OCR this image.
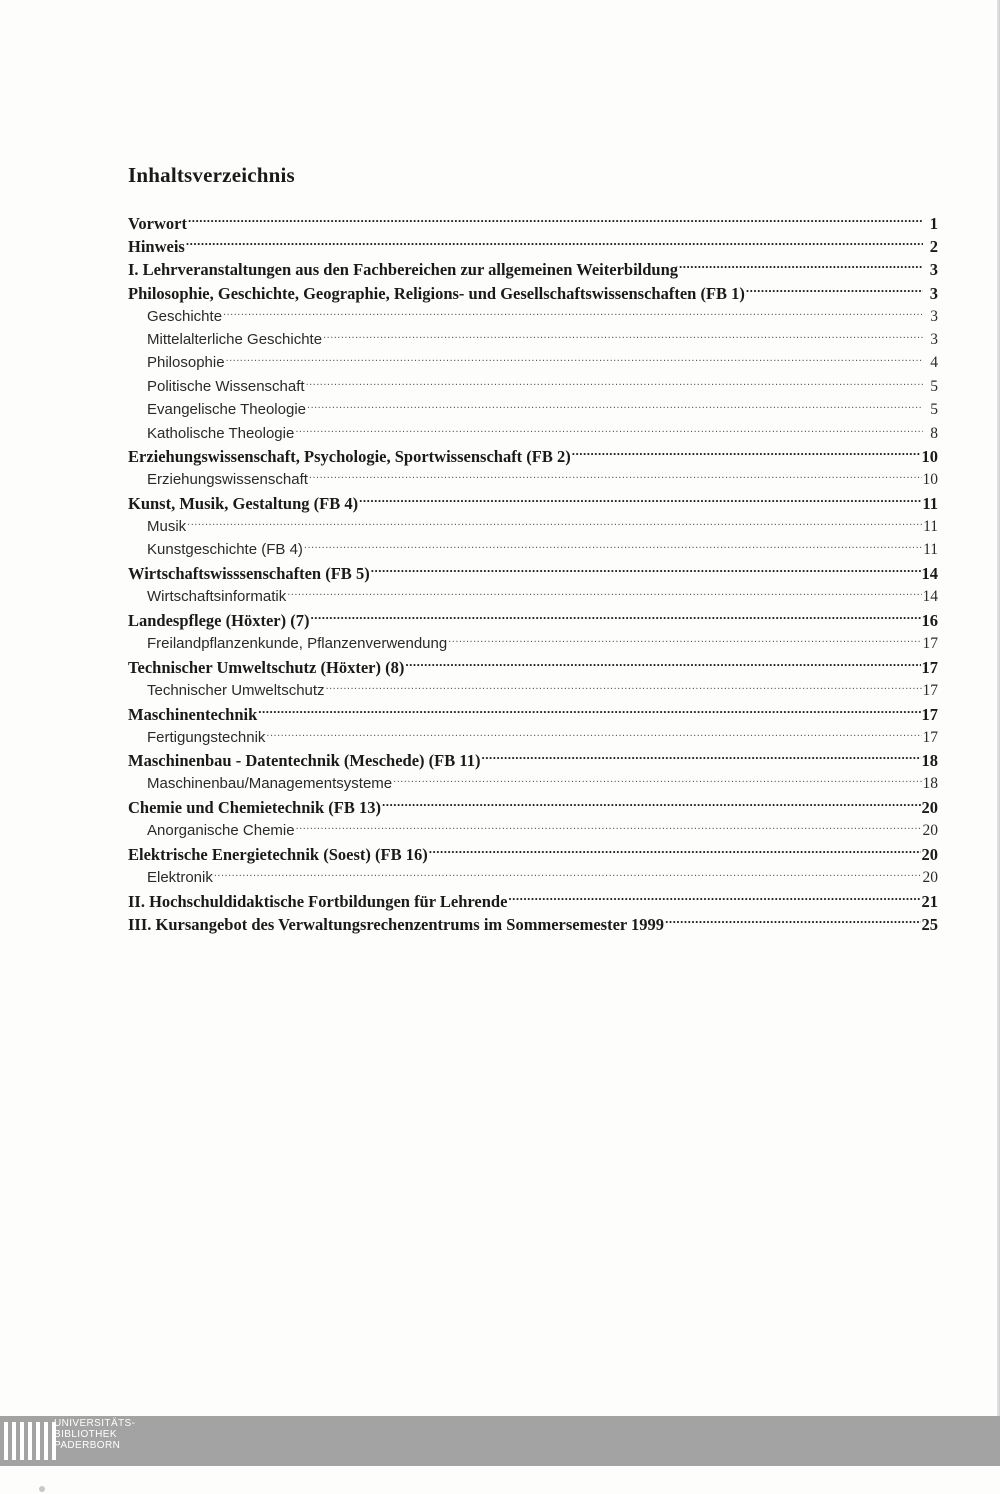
Inhaltsverzeichnis
Vorwort .....	1
Hinweis .....	2
I. Lehrveranstaltungen aus den Fachbereichen zur allgemeinen Weiterbildung .....	3
Philosophie, Geschichte, Geographie, Religions- und Gesellschaftswissenschaften (FB 1) .....	3
Geschichte .....	3
Mittelalterliche Geschichte .....	3
Philosophie .....	4
Politische Wissenschaft .....	5
Evangelische Theologie .....	5
Katholische Theologie .....	8
Erziehungswissenschaft, Psychologie, Sportwissenschaft (FB 2) .....	10
Erziehungswissenschaft .....	10
Kunst, Musik, Gestaltung (FB 4) .....	11
Musik .....	11
Kunstgeschichte (FB 4) .....	11
Wirtschaftswisssenschaften (FB 5) .....	14
Wirtschaftsinformatik .....	14
Landespflege (Höxter) (7) .....	16
Freilandpflanzenkunde, Pflanzenverwendung .....	17
Technischer Umweltschutz (Höxter) (8) .....	17
Technischer Umweltschutz .....	17
Maschinentechnik .....	17
Fertigungstechnik .....	17
Maschinenbau - Datentechnik (Meschede) (FB 11) .....	18
Maschinenbau/Managementsysteme .....	18
Chemie und Chemietechnik (FB 13) .....	20
Anorganische Chemie .....	20
Elektrische Energietechnik (Soest) (FB 16) .....	20
Elektronik .....	20
II. Hochschuldidaktische Fortbildungen für Lehrende .....	21
III. Kursangebot des Verwaltungsrechenzentrums im Sommersemester 1999 .....	25
UNIVERSITÄTS-
BIBLIOTHEK
PADERBORN
